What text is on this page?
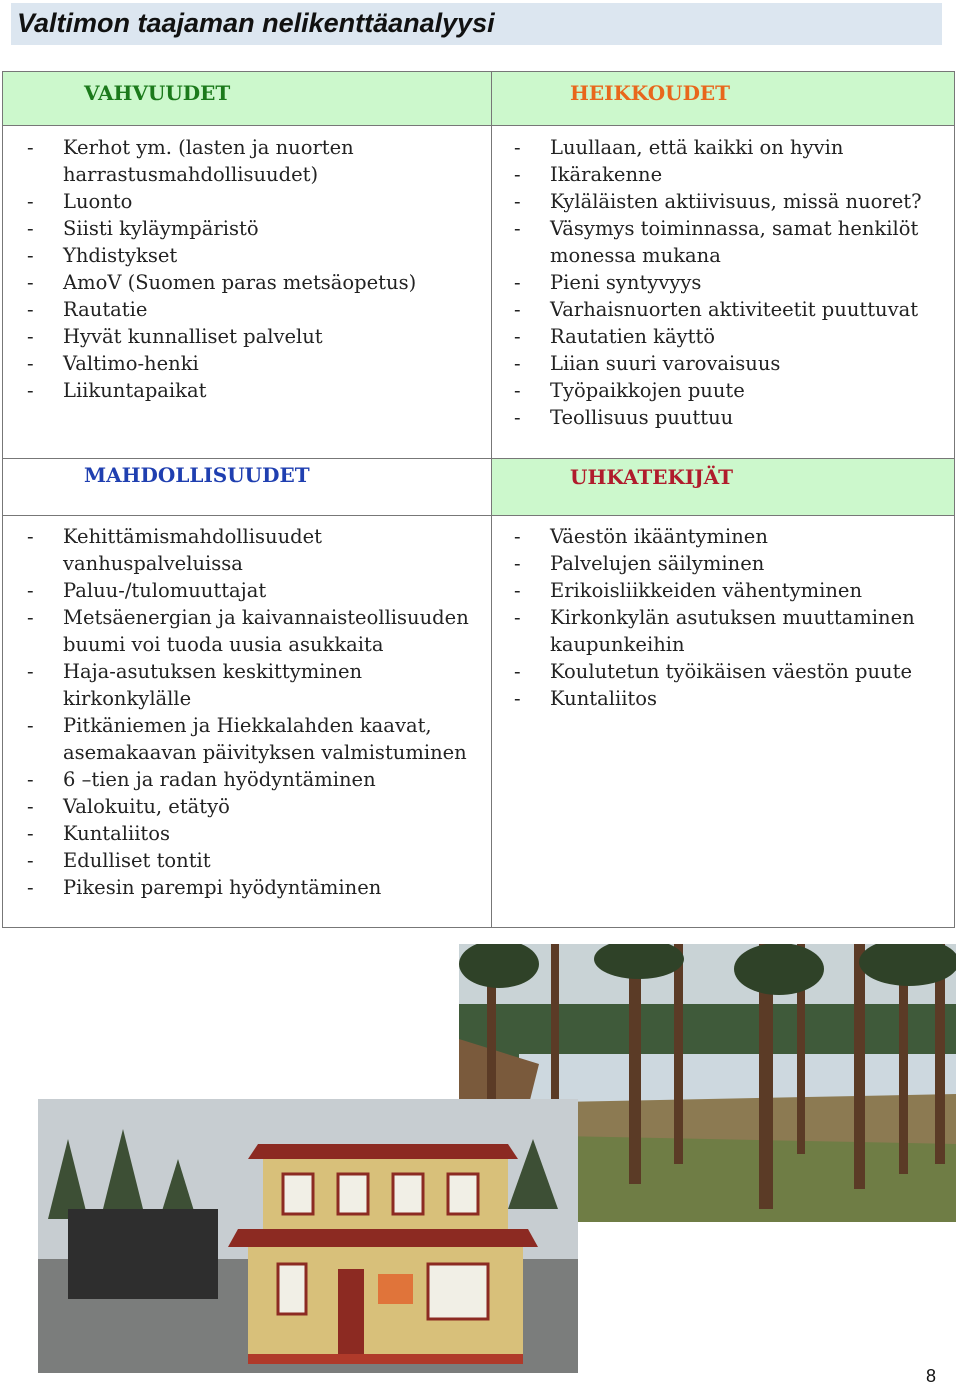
Valtimon taajaman nelikenttäanalyysi
VAHVUUDET	HEIKKOUDET
MAHDOLLISUUDET	UHKATEKIJÄT
- Kerhot ym. (lasten ja nuorten
harrastusmahdollisuudet)
- Luonto
- Siisti kyläympäristö
- Yhdistykset
- AmoV (Suomen paras metsäopetus)
- Rautatie
- Hyvät kunnalliset palvelut
- Valtimo-henki
- Liikuntapaikat
- Luullaan, että kaikki on hyvin
- Ikärakenne
- Kyläläisten aktiivisuus, missä nuoret?
- Väsymys toiminnassa, samat henkilöt
monessa mukana
- Pieni syntyvyys
- Varhaisnuorten aktiviteetit puuttuvat
- Rautatien käyttö
- Liian suuri varovaisuus
- Työpaikkojen puute
- Teollisuus puuttuu
- Kehittämismahdollisuudet
vanhuspalveluissa
- Paluu-/tulomuuttajat
- Metsäenergian ja kaivannaisteollisuuden
buumi voi tuoda uusia asukkaita
- Haja-asutuksen keskittyminen
kirkonkylälle
- Pitkäniemen ja Hiekkalahden kaavat,
asemakaavan päivityksen valmistuminen
- 6 –tien ja radan hyödyntäminen
- Valokuitu, etätyö
- Kuntaliitos
- Edulliset tontit
- Pikesin parempi hyödyntäminen
- Väestön ikääntyminen
- Palvelujen säilyminen
- Erikoisliikkeiden vähentyminen
- Kirkonkylän asutuksen muuttaminen
kaupunkeihin
- Koulutetun työikäisen väestön puute
- Kuntaliitos
8
